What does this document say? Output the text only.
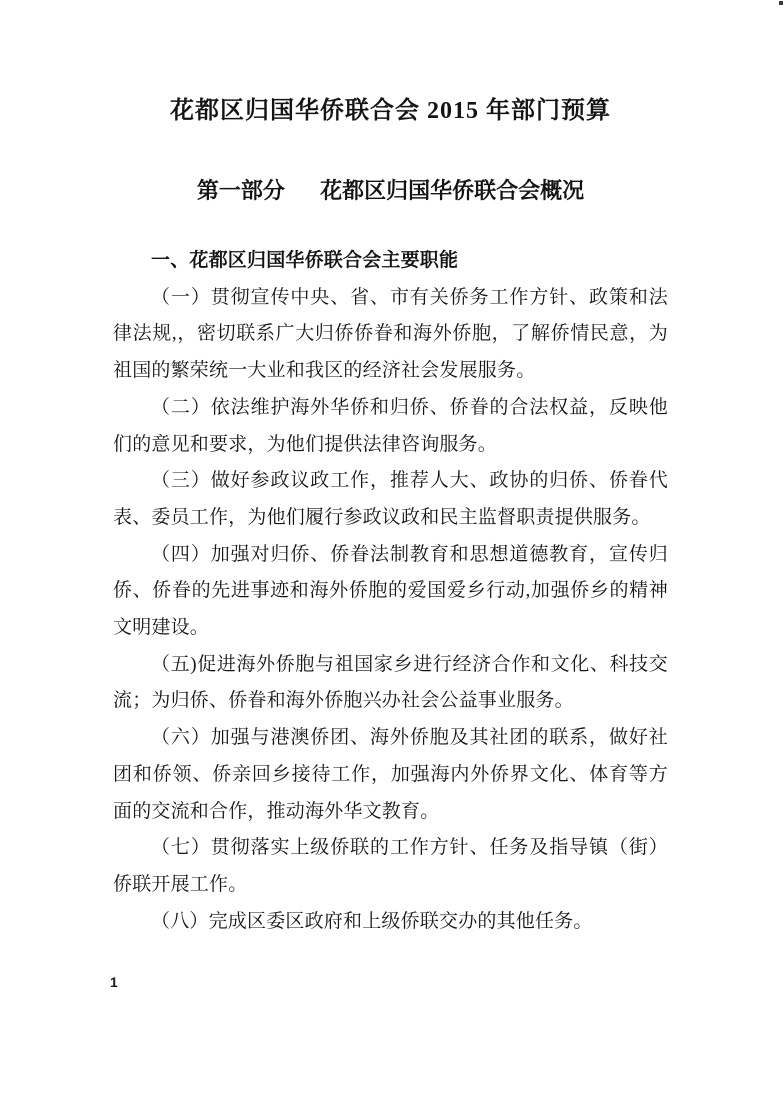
花都区归国华侨联合会 2015 年部门预算
第一部分 花都区归国华侨联合会概况

一、花都区归国华侨联合会主要职能

（一）贯彻宣传中央、省、市有关侨务工作方针、政策和法律法规,，密切联系广大归侨侨眷和海外侨胞，了解侨情民意，为祖国的繁荣统一大业和我区的经济社会发展服务。

（二）依法维护海外华侨和归侨、侨眷的合法权益，反映他们的意见和要求，为他们提供法律咨询服务。

（三）做好参政议政工作，推荐人大、政协的归侨、侨眷代表、委员工作，为他们履行参政议政和民主监督职责提供服务。

（四）加强对归侨、侨眷法制教育和思想道德教育，宣传归侨、侨眷的先进事迹和海外侨胞的爱国爱乡行动,加强侨乡的精神文明建设。

（五)促进海外侨胞与祖国家乡进行经济合作和文化、科技交流；为归侨、侨眷和海外侨胞兴办社会公益事业服务。

（六）加强与港澳侨团、海外侨胞及其社团的联系，做好社团和侨领、侨亲回乡接待工作，加强海内外侨界文化、体育等方面的交流和合作，推动海外华文教育。

（七）贯彻落实上级侨联的工作方针、任务及指导镇（街）侨联开展工作。

（八）完成区委区政府和上级侨联交办的其他任务。

1
